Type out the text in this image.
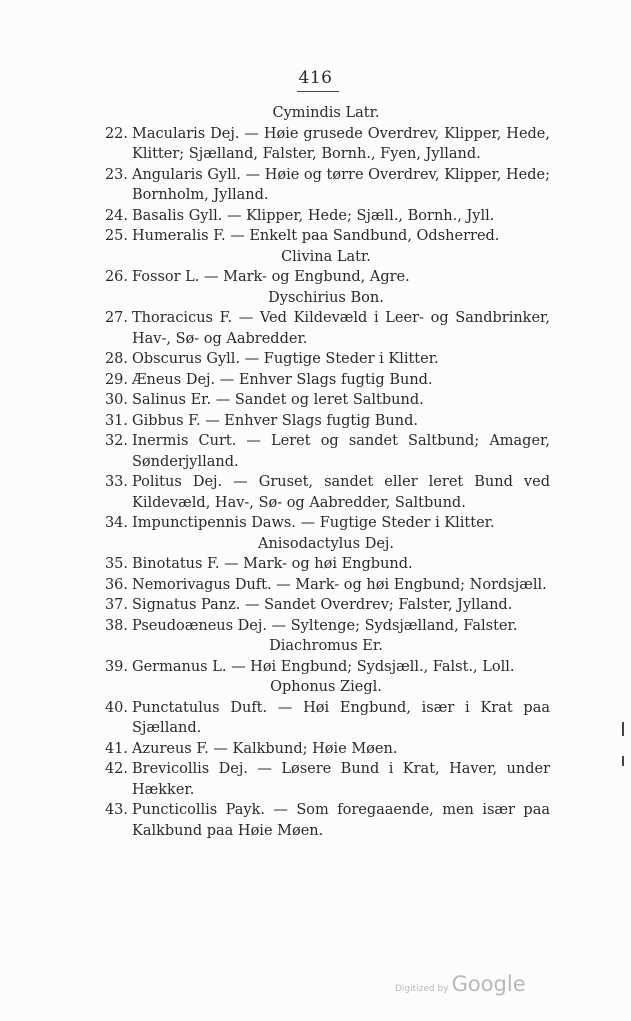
416
Cymindis Latr.
22. Macularis Dej. — Høie grusede Overdrev, Klipper, Hede, Klitter; Sjælland, Falster, Bornh., Fyen, Jylland.
23. Angularis Gyll. — Høie og tørre Overdrev, Klipper, Hede; Bornholm, Jylland.
24. Basalis Gyll. — Klipper, Hede; Sjæll., Bornh., Jyll.
25. Humeralis F. — Enkelt paa Sandbund, Odsherred.
Clivina Latr.
26. Fossor L. — Mark- og Engbund, Agre.
Dyschirius Bon.
27. Thoracicus F. — Ved Kildevæld i Leer- og Sandbrinker, Hav-, Sø- og Aabredder.
28. Obscurus Gyll. — Fugtige Steder i Klitter.
29. Æneus Dej. — Enhver Slags fugtig Bund.
30. Salinus Er. — Sandet og leret Saltbund.
31. Gibbus F. — Enhver Slags fugtig Bund.
32. Inermis Curt. — Leret og sandet Saltbund; Amager, Sønderjylland.
33. Politus Dej. — Gruset, sandet eller leret Bund ved Kildevæld, Hav-, Sø- og Aabredder, Saltbund.
34. Impunctipennis Daws. — Fugtige Steder i Klitter.
Anisodactylus Dej.
35. Binotatus F. — Mark- og høi Engbund.
36. Nemorivagus Duft. — Mark- og høi Engbund; Nordsjæll.
37. Signatus Panz. — Sandet Overdrev; Falster, Jylland.
38. Pseudoæneus Dej. — Syltenge; Sydsjælland, Falster.
Diachromus Er.
39. Germanus L. — Høi Engbund; Sydsjæll., Falst., Loll.
Ophonus Ziegl.
40. Punctatulus Duft. — Høi Engbund, især i Krat paa Sjælland.
41. Azureus F. — Kalkbund; Høie Møen.
42. Brevicollis Dej. — Løsere Bund i Krat, Haver, under Hækker.
43. Puncticollis Payk. — Som foregaaende, men især paa Kalkbund paa Høie Møen.
Digitized by Google
